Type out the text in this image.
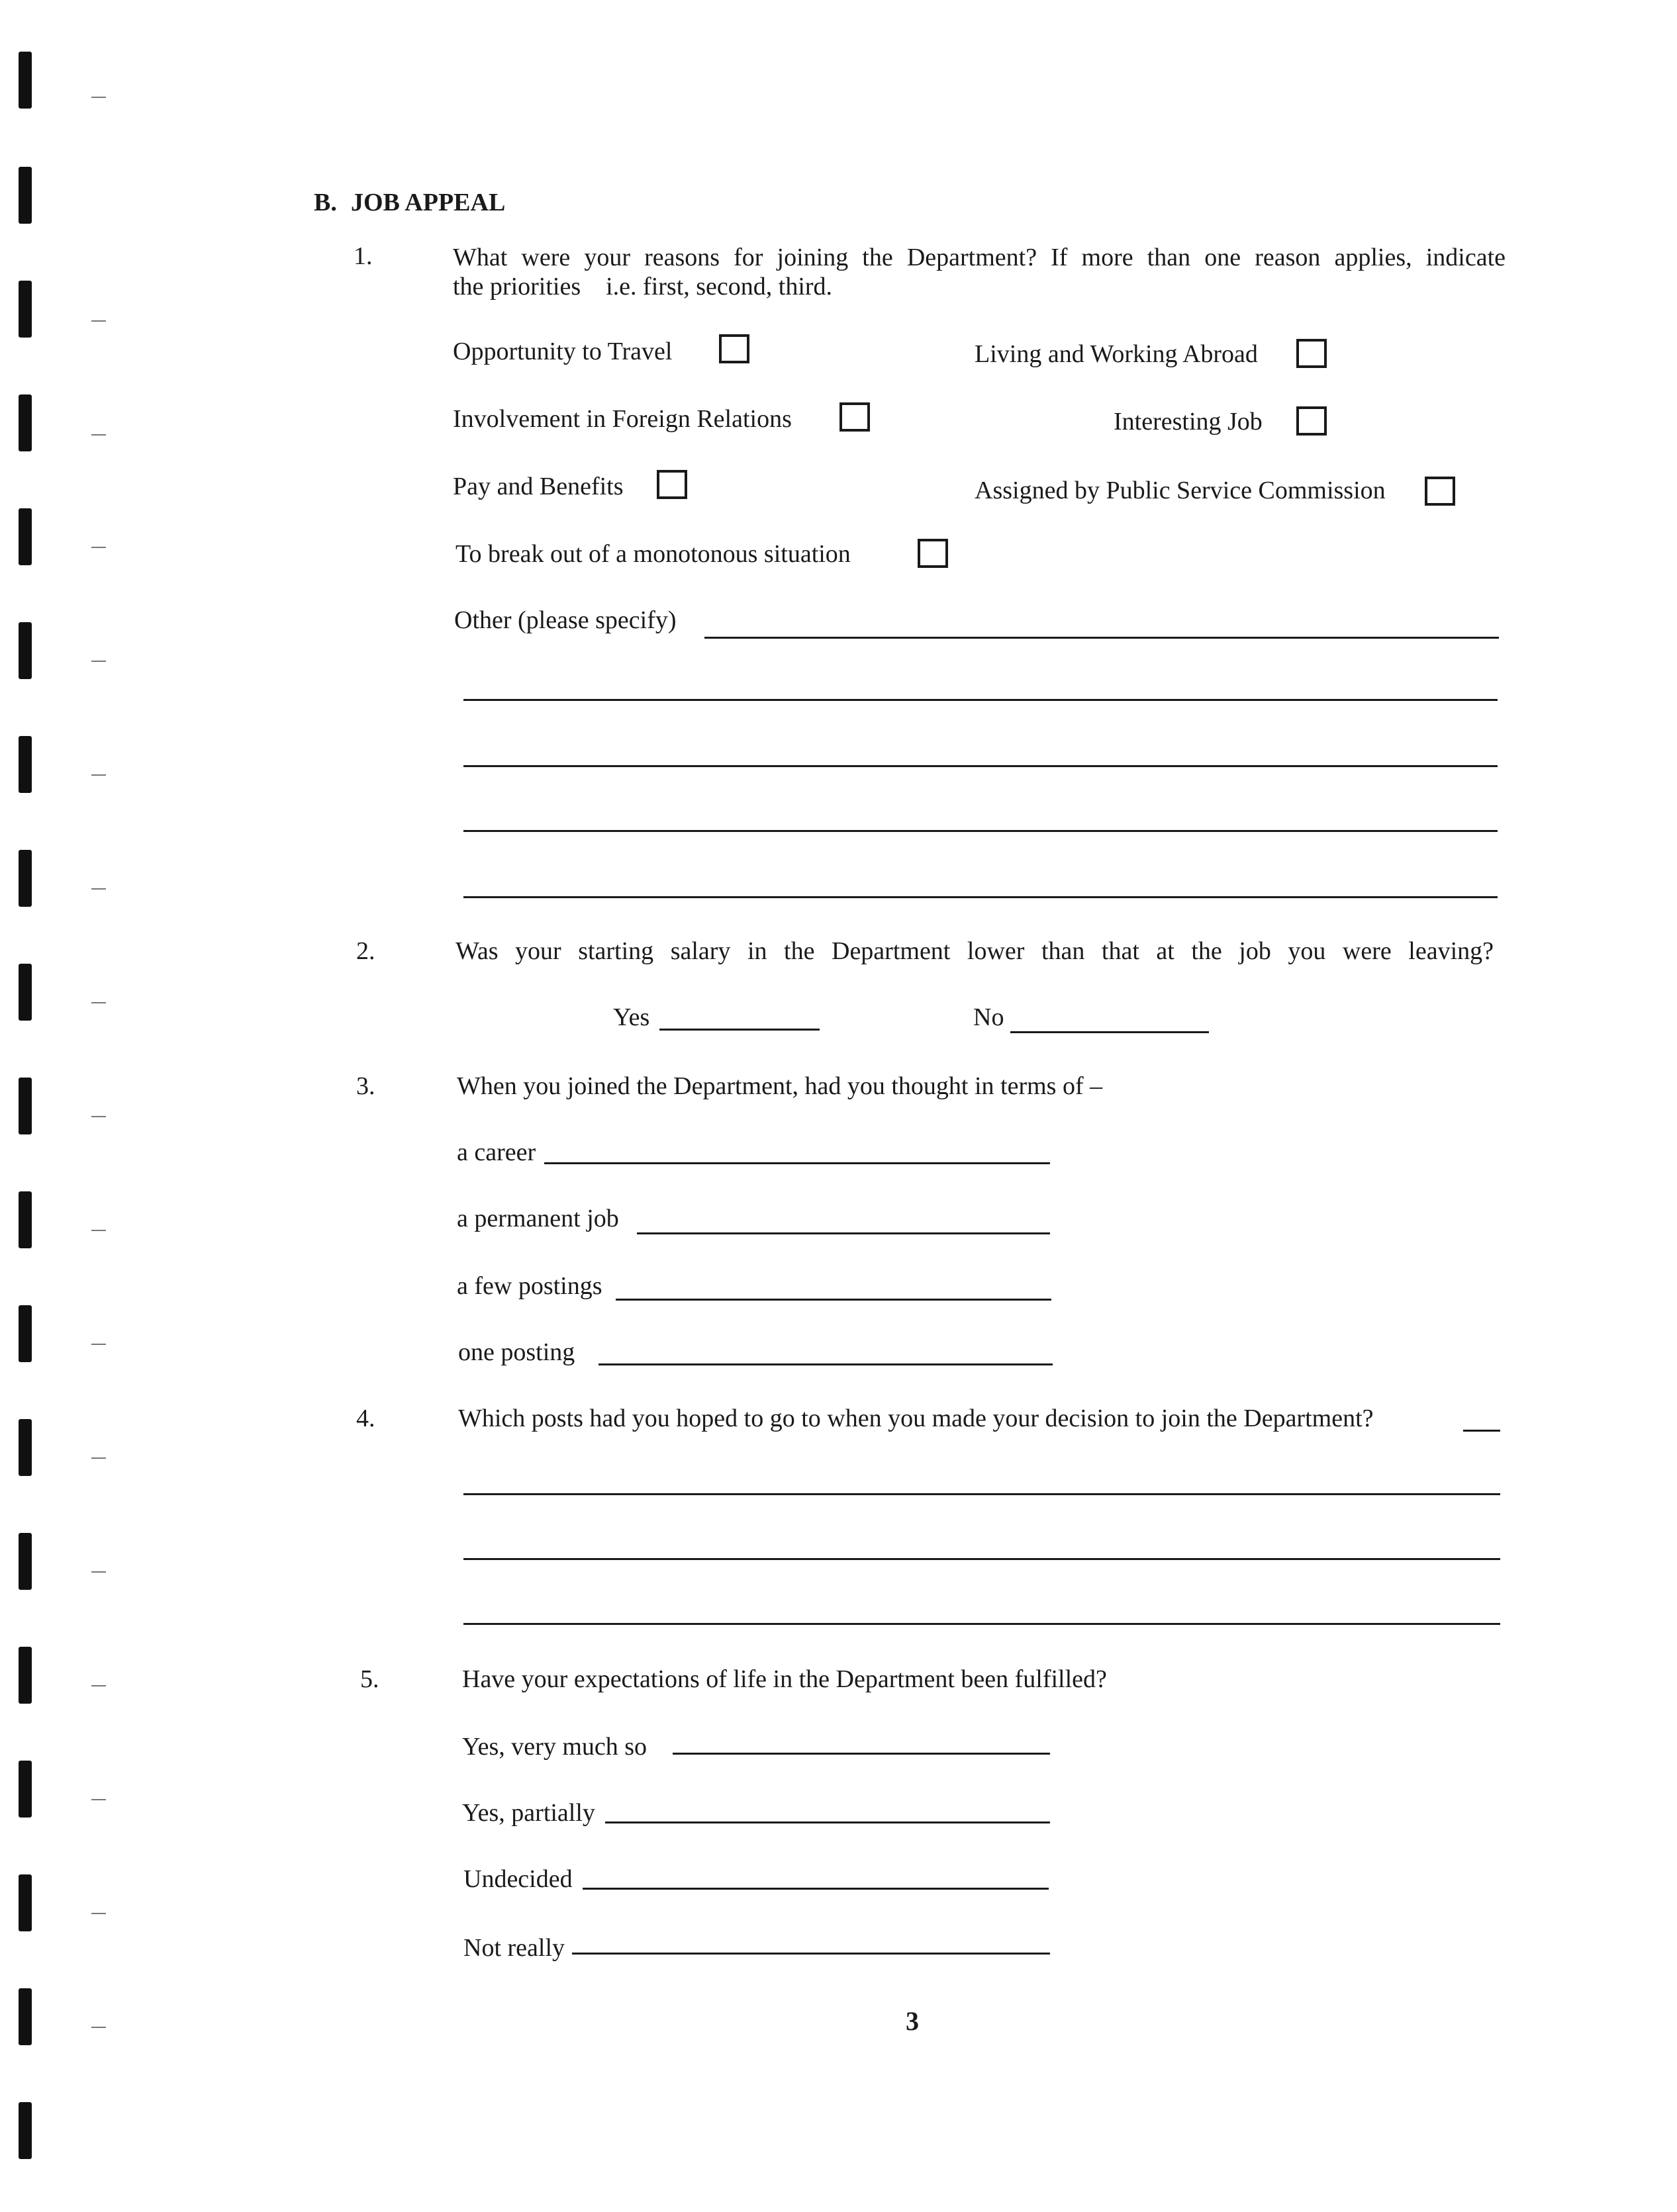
B. JOB APPEAL
1.	What were your reasons for joining the Department? If more than one reason applies, indicate
the priorities    i.e. first, second, third.
Opportunity to Travel	Living and Working Abroad
Involvement in Foreign Relations	Interesting Job
Pay and Benefits	Assigned by Public Service Commission
To break out of a monotonous situation
Other (please specify)
2.	Was your starting salary in the Department lower than that at the job you were leaving?
Yes	No
3.	When you joined the Department, had you thought in terms of –
a career
a permanent job
a few postings
one posting
4.	Which posts had you hoped to go to when you made your decision to join the Department?
5.	Have your expectations of life in the Department been fulfilled?
Yes, very much so
Yes, partially
Undecided
Not really
3
